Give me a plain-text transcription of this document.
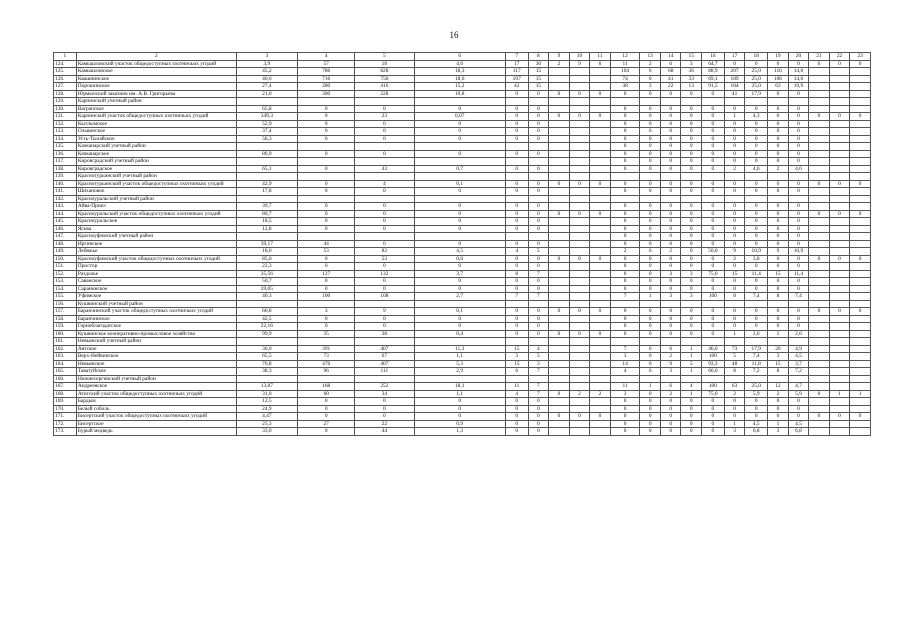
16
1	2	3	4	5	6	7	8	9	10	11	12	13	14	15	16	17	18	19	20	21	22	23
124.	Камышловский участок общедоступных охотничьих угодий	3,9	57	18	4,6	17	30	2	9	6	11	2	6	3	64,7	0	0	0	0	0	0	0
125.	Камышловское	45,2	786	828	18,3	117	15				104	0	68	36	88,9	207	25,0	116	14,0			
126.	Квашнинское	40,6	716	756	18,6	107	15				74	0	41	33	69,1	189	25,0	106	14,0			
127.	Порошинское	27,4	280	416	15,2	42	15				38	3	22	13	91,5	104	25,0	63	19,9			
128.	Юрмычский заказник им. А.В. Григорьева	21,0	300	228	10,8	0	0	0	0	0	0	0	0	0	0	41	17,9	0	0			
129.	Карпинский учетный район																					
130.	Ваграпское	65,8	0	0	0	0	0				0	0	0	0	0	0	0	0	0			
131.	Карпинский участок общедоступных охотничьих угодий	349,3	0	23	0,07	0	0	0	0	0	0	0	0	0	0	1	4,3	0	0	0	0	0
132.	Кытлымское	52,9	0	0	0	0	0				0	0	0	0	0	0	0	0	0			
133.	Ольвинское	37,4	0	0	0	0	0				0	0	0	0	0	0	0	0	0			
134.	Усть-Тылайское	58,3	0	0	0	0	0				0	0	0	0	0	0	0	0	0			
135.	Качканарский учетный район										0	0	0	0	0	0	0	0	0			
136.	Качканарское	86,9	0	0	0	0	0				0	0	0	0	0	0	0	0	0			
137.	Кировградский учетный район										0	0	0	0	0	0	0	0	0			
138.	Кировградское	65,1	0	43	0,7	0	0				0	0	0	0	0	2	4,6	2	4,6			
139.	Краснотурьинский учетный район																					
140.	Краснотурьинский участок общедоступных охотничьих угодий	42,9	0	4	0,1	0	0	0	0	0	0	0	0	0	0	0	0	0	0	0	0	0
141.	Шихановое	17,8	0	0	0	0	0				0	0	0	0	0	0	0	0	0			
142.	Красноуральский учетный район																					
143.	Айва-Прииз	39,7	0	0	0	0	0				0	0	0	0	0	0	0	0	0			
144.	Красноуральский участок общедоступных охотничьих угодий	80,7	0	0	0	0	0	0	0	0	0	0	0	0	0	0	0	0	0	0	0	0
145.	Красноуральское	18,5	0	0	0	0	0				0	0	0	0	0	0	0	0	0			
146.	Ясьва	12,8	0	0	0	0	0				0	0	0	0	0	0	0	0	0			
147.	Красноуфимский учетный район										0	0	0	0	0	0	0	0	0			
148.	Иргинское	39,17	44	0	0	0	0				0	0	0	0	0	0	0	0	0			
149.	Лебяжье	18,0	53	82	4,5	4	5				2	0	2	0	50,0	9	10,9	9	10,9			
150.	Красноуфимский участок общедоступных охотничьих угодий	85,0	0	53	0,6	0	0	0	0	0	0	0	0	0	0	2	3,8	0	0	0	0	0
151.	Простор	22,3	0	0	0	0	0				0	0	0	0	0	0	0	0	0			
152.	Раздолье	35,56	127	132	3,7	8	7				6	0	3	3	75,0	15	11,4	15	11,4			
153.	Саванское	50,7	0	0	0	0	0				0	0	0	0	0	0	0	0	0			
154.	Саранинское	39,05	0	0	0	0	0				0	0	0	0	0	0	0	0	0			
155.	Уфимское	40,3	100	108	2,7	7	7				7	1	3	3	100	8	7,4	8	7,4			
156.	Кушвинский учетный район																					
157.	Баранчинский участок общедоступных охотничьих угодий	60,8	3	9	0,1	0	0	0	0	0	0	0	0	0	0	0	0	0	0	0	0	0
158.	Баранчинское	42,5	0	0	0	0	0				0	0	0	0	0	0	0	0	0			
159.	Горноблагодатское	22,16	0	0	0	0	0				0	0	0	0	0	0	0	0	0			
160.	Кушвинское кооперативно-промысловое хозяйство	99,9	35	38	0,4	0	0	0	0	0	0	0	0	0	0	1	2,6	1	2,6			
161.	Невьянский учетный район																					
162.	Аятское	36,0	391	407	11,3	15	4				7	0	6	1	46,6	73	17,9	20	4,9			
163.	Верх-Нейвинское	65,5	73	67	1,1	3	5				3	0	2	1	100	5	7,4	3	4,5			
164.	Невьянское	76,8	476	407	5,3	15	3				14	0	9	5	93,3	48	11,8	15	3,7			
165.	Таватуйское	38,3	96	111	2,9	6	7				4	0	3	1	66,6	8	7,2	8	7,2			
166.	Нижнесергинский учетный район																					
167.	Андреевское	13,87	168	252	18,1	11	7				11	1	6	4	100	63	25,0	12	4,7			
168.	Атигский участок общедоступных охотничьих угодий	31,0	60	34	1,1	4	7	0	2	2	3	0	2	1	75,0	2	5,9	2	5,9	0	1	1
169.	Бардым	12,5	0	0	0	0	0				0	0	0	0	0	0	0	0	0			
170.	Белый соболь	24,9	0	0	0	0	0				0	0	0	0	0	0	0	0	0			
171.	Бисертский участок общедоступных охотничьих угодий	4,47	0	0	0	0	0	0	0	0	0	0	0	0	0	0	0	0	0	0	0	0
172.	Бисертское	25,3	27	22	0,9	0	0				0	0	0	0	0	1	4,5	1	4,5			
173.	Бурый медведь	33,0	0	44	1,3	0	0				0	0	0	0	0	3	6,8	3	6,8			
